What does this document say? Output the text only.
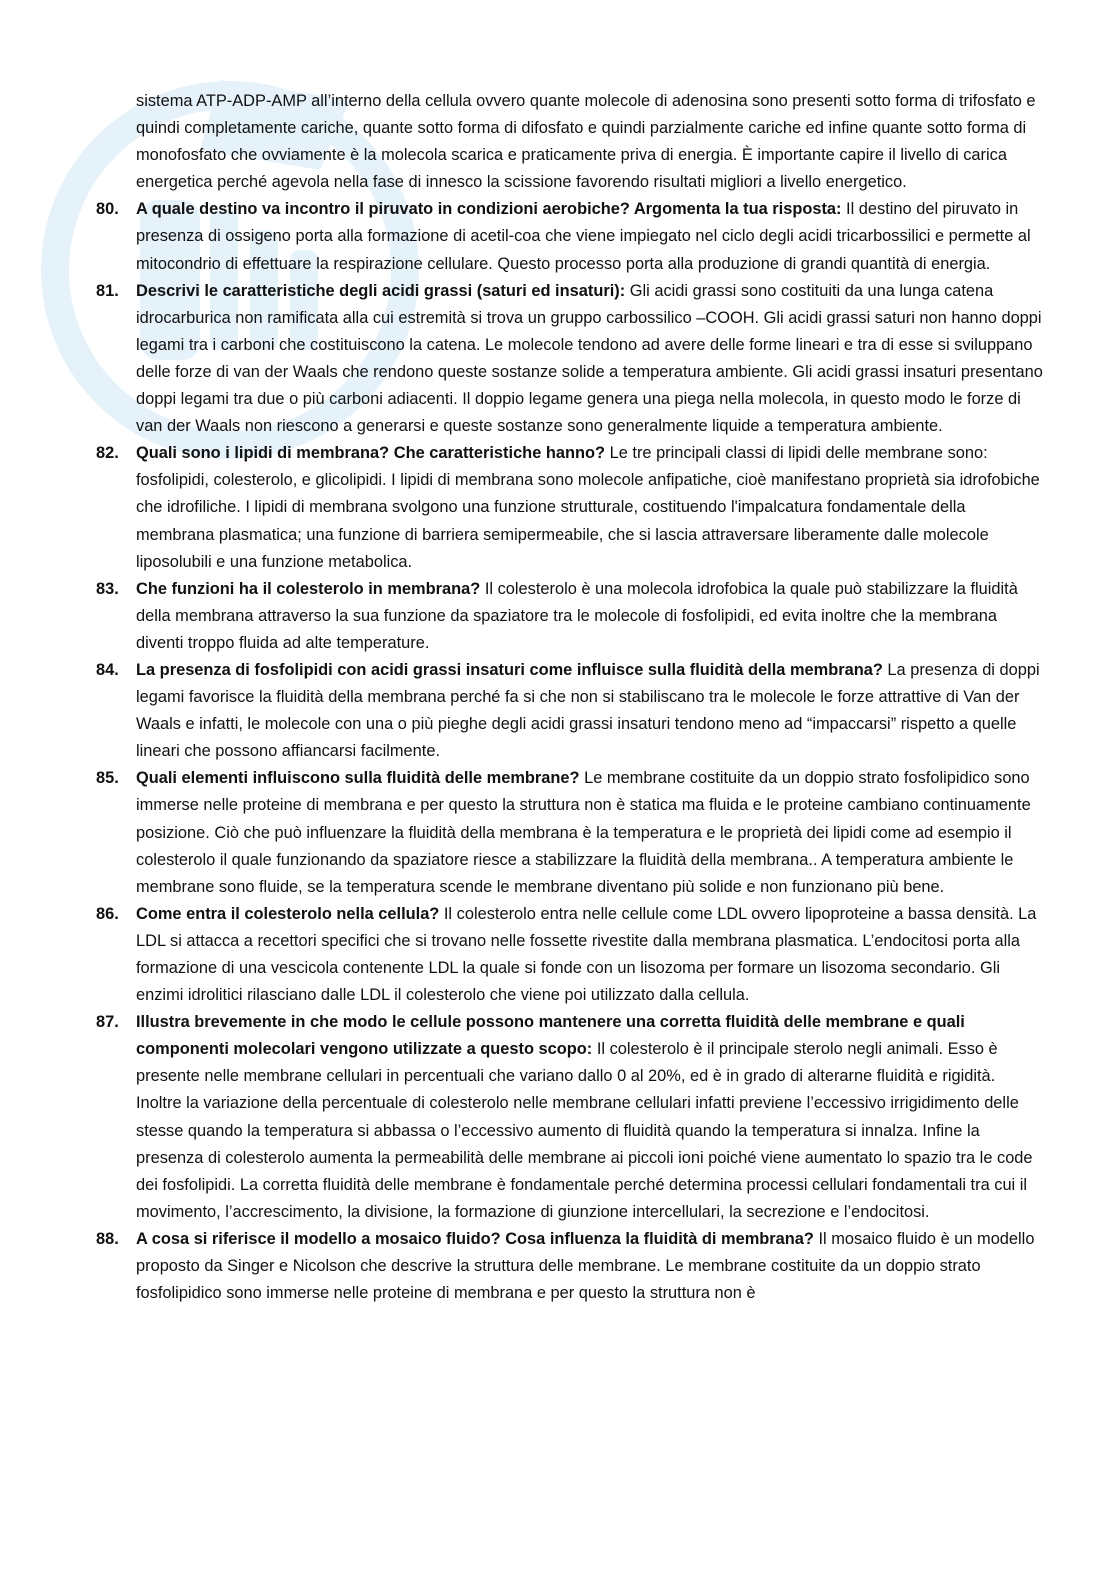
sistema ATP-ADP-AMP all’interno della cellula ovvero quante molecole di adenosina sono presenti sotto forma di trifosfato e quindi completamente cariche, quante sotto forma di difosfato e quindi parzialmente cariche ed infine quante sotto forma di monofosfato che ovviamente è la molecola scarica e praticamente priva di energia. È importante capire il livello di carica energetica perché agevola nella fase di innesco la scissione favorendo risultati migliori a livello energetico.

80.	A quale destino va incontro il piruvato in condizioni aerobiche? Argomenta la tua risposta: Il destino del piruvato in presenza di ossigeno porta alla formazione di acetil-coa che viene impiegato nel ciclo degli acidi tricarbossilici e permette al mitocondrio di effettuare la respirazione cellulare. Questo processo porta alla produzione di grandi quantità di energia.
81.	Descrivi le caratteristiche degli acidi grassi (saturi ed insaturi): Gli acidi grassi sono costituiti da una lunga catena idrocarburica non ramificata alla cui estremità si trova un gruppo carbossilico –COOH. Gli acidi grassi saturi non hanno doppi legami tra i carboni che costituiscono la catena. Le molecole tendono ad avere delle forme lineari e tra di esse si sviluppano delle forze di van der Waals che rendono queste sostanze solide a temperatura ambiente. Gli acidi grassi insaturi presentano doppi legami tra due o più carboni adiacenti. Il doppio legame genera una piega nella molecola, in questo modo le forze di van der Waals non riescono a generarsi e queste sostanze sono generalmente liquide a temperatura ambiente.
82.	Quali sono i lipidi di membrana? Che caratteristiche hanno? Le tre principali classi di lipidi delle membrane sono: fosfolipidi, colesterolo, e glicolipidi. I lipidi di membrana sono molecole anfipatiche, cioè manifestano proprietà sia idrofobiche che idrofiliche. I lipidi di membrana svolgono una funzione strutturale, costituendo l'impalcatura fondamentale della membrana plasmatica; una funzione di barriera semipermeabile, che si lascia attraversare liberamente dalle molecole liposolubili e una funzione metabolica.
83.	Che funzioni ha il colesterolo in membrana? Il colesterolo è una molecola idrofobica la quale può stabilizzare la fluidità della membrana attraverso la sua funzione da spaziatore tra le molecole di fosfolipidi, ed evita inoltre che la membrana diventi troppo fluida ad alte temperature.
84.	La presenza di fosfolipidi con acidi grassi insaturi come influisce sulla fluidità della membrana? La presenza di doppi legami favorisce la fluidità della membrana perché fa si che non si stabiliscano tra le molecole le forze attrattive di Van der Waals e infatti, le molecole con una o più pieghe degli acidi grassi insaturi tendono meno ad “impaccarsi” rispetto a quelle lineari che possono affiancarsi facilmente.
85.	Quali elementi influiscono sulla fluidità delle membrane? Le membrane costituite da un doppio strato fosfolipidico sono immerse nelle proteine di membrana e per questo la struttura non è statica ma fluida e le proteine cambiano continuamente posizione. Ciò che può influenzare la fluidità della membrana è la temperatura e le proprietà dei lipidi come ad esempio il colesterolo il quale funzionando da spaziatore riesce a stabilizzare la fluidità della membrana.. A temperatura ambiente le membrane sono fluide, se la temperatura scende le membrane diventano più solide e non funzionano più bene.
86.	Come entra il colesterolo nella cellula? Il colesterolo entra nelle cellule come LDL ovvero lipoproteine a bassa densità. La LDL si attacca a recettori specifici che si trovano nelle fossette rivestite dalla membrana plasmatica. L’endocitosi porta alla formazione di una vescicola contenente LDL la quale si fonde con un lisozoma per formare un lisozoma secondario. Gli enzimi idrolitici rilasciano dalle LDL il colesterolo che viene poi utilizzato dalla cellula.
87.	Illustra brevemente in che modo le cellule possono mantenere una corretta fluidità delle membrane e quali componenti molecolari vengono utilizzate a questo scopo: Il colesterolo è il principale sterolo negli animali. Esso è presente nelle membrane cellulari in percentuali che variano dallo 0 al 20%, ed è in grado di alterarne fluidità e rigidità. Inoltre la variazione della percentuale di colesterolo nelle membrane cellulari infatti previene l’eccessivo irrigidimento delle stesse quando la temperatura si abbassa o l’eccessivo aumento di fluidità quando la temperatura si innalza. Infine la presenza di colesterolo aumenta la permeabilità delle membrane ai piccoli ioni poiché viene aumentato lo spazio tra le code dei fosfolipidi. La corretta fluidità delle membrane è fondamentale perché determina processi cellulari fondamentali tra cui il movimento, l’accrescimento, la divisione, la formazione di giunzione intercellulari, la secrezione e l’endocitosi.
88.	A cosa si riferisce il modello a mosaico fluido? Cosa influenza la fluidità di membrana? Il mosaico fluido è un modello proposto da Singer e Nicolson che descrive la struttura delle membrane. Le membrane costituite da un doppio strato fosfolipidico sono immerse nelle proteine di membrana e per questo la struttura non è
